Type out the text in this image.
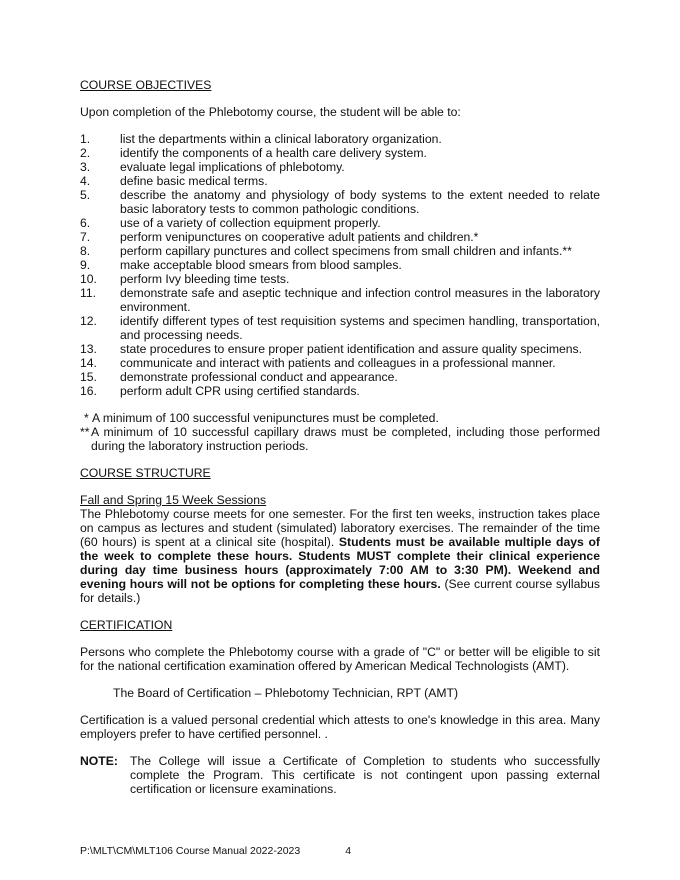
COURSE OBJECTIVES

Upon completion of the Phlebotomy course, the student will be able to:

1.	list the departments within a clinical laboratory organization.
2.	identify the components of a health care delivery system.
3.	evaluate legal implications of phlebotomy.
4.	define basic medical terms.
5.	describe the anatomy and physiology of body systems to the extent needed to relate basic laboratory tests to common pathologic conditions.
6.	use of a variety of collection equipment properly.
7.	perform venipunctures on cooperative adult patients and children.*
8.	perform capillary punctures and collect specimens from small children and infants.**
9.	make acceptable blood smears from blood samples.
10.	perform Ivy bleeding time tests.
11.	demonstrate safe and aseptic technique and infection control measures in the laboratory environment.
12.	identify different types of test requisition systems and specimen handling, transportation, and processing needs.
13.	state procedures to ensure proper patient identification and assure quality specimens.
14.	communicate and interact with patients and colleagues in a professional manner.
15.	demonstrate professional conduct and appearance.
16.	perform adult CPR using certified standards.
* A minimum of 100 successful venipunctures must be completed.
** A minimum of 10 successful capillary draws must be completed, including those performed during the laboratory instruction periods.

COURSE STRUCTURE

Fall and Spring 15 Week Sessions

The Phlebotomy course meets for one semester. For the first ten weeks, instruction takes place on campus as lectures and student (simulated) laboratory exercises. The remainder of the time (60 hours) is spent at a clinical site (hospital). Students must be available multiple days of the week to complete these hours. Students MUST complete their clinical experience during day time business hours (approximately 7:00 AM to 3:30 PM). Weekend and evening hours will not be options for completing these hours. (See current course syllabus for details.)

CERTIFICATION

Persons who complete the Phlebotomy course with a grade of "C" or better will be eligible to sit for the national certification examination offered by American Medical Technologists (AMT).

The Board of Certification – Phlebotomy Technician, RPT (AMT)

Certification is a valued personal credential which attests to one's knowledge in this area. Many employers prefer to have certified personnel. .

NOTE: The College will issue a Certificate of Completion to students who successfully complete the Program. This certificate is not contingent upon passing external certification or licensure examinations.
P:\MLT\CM\MLT106 Course Manual 2022-2023	4
